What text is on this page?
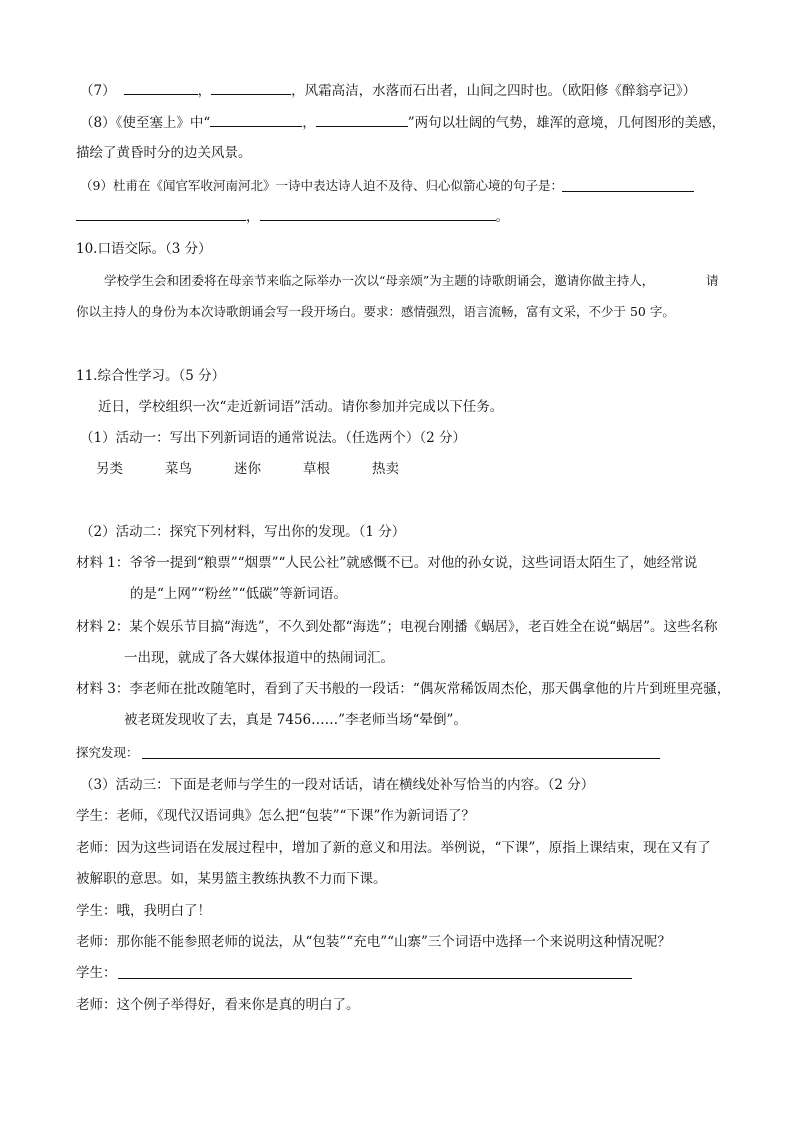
（7）	，	，风霜高洁，水落而石出者，山间之四时也。（欧阳修《醉翁亭记》）
（8）《使至塞上》中“	，	”两句以壮阔的气势，雄浑的意境，几何图形的美感，
描绘了黄昏时分的边关风景。
（9）杜甫在《闻官军收河南河北》一诗中表达诗人迫不及待、归心似箭心境的句子是：
，	。
10.口语交际。（3 分）
学校学生会和团委将在母亲节来临之际举办一次以“母亲颂”为主题的诗歌朗诵会，邀请你做主持人，	请
你以主持人的身份为本次诗歌朗诵会写一段开场白。要求：感情强烈，语言流畅，富有文采，不少于 50 字。
11.综合性学习。（5 分）
近日，学校组织一次“走近新词语”活动。请你参加并完成以下任务。
（1）活动一：写出下列新词语的通常说法。（任选两个）（2 分）
另类	菜鸟	迷你	草根	热卖
（2）活动二：探究下列材料，写出你的发现。（1 分）
材料 1：爷爷一提到“粮票”“烟票”“人民公社”就感慨不已。对他的孙女说，这些词语太陌生了，她经常说
的是“上网”“粉丝”“低碳”等新词语。
材料 2：某个娱乐节目搞“海选”，不久到处都“海选”；电视台刚播《蜗居》，老百姓全在说“蜗居”。这些名称
一出现，就成了各大媒体报道中的热闹词汇。
材料 3：李老师在批改随笔时，看到了天书般的一段话：“偶灰常稀饭周杰伦，那天偶拿他的片片到班里亮骚，
被老斑发现收了去，真是 7456……”李老师当场“晕倒”。
探究发现：
（3）活动三：下面是老师与学生的一段对话话，请在横线处补写恰当的内容。（2 分）
学生：老师，《现代汉语词典》怎么把“包装”“下课”作为新词语了？
老师：因为这些词语在发展过程中，增加了新的意义和用法。举例说，“下课”，原指上课结束，现在又有了
被解职的意思。如，某男篮主教练执教不力而下课。
学生：哦，我明白了！
老师：那你能不能参照老师的说法，从“包装”“充电”“山寨”三个词语中选择一个来说明这种情况呢？
学生：
老师：这个例子举得好，看来你是真的明白了。
